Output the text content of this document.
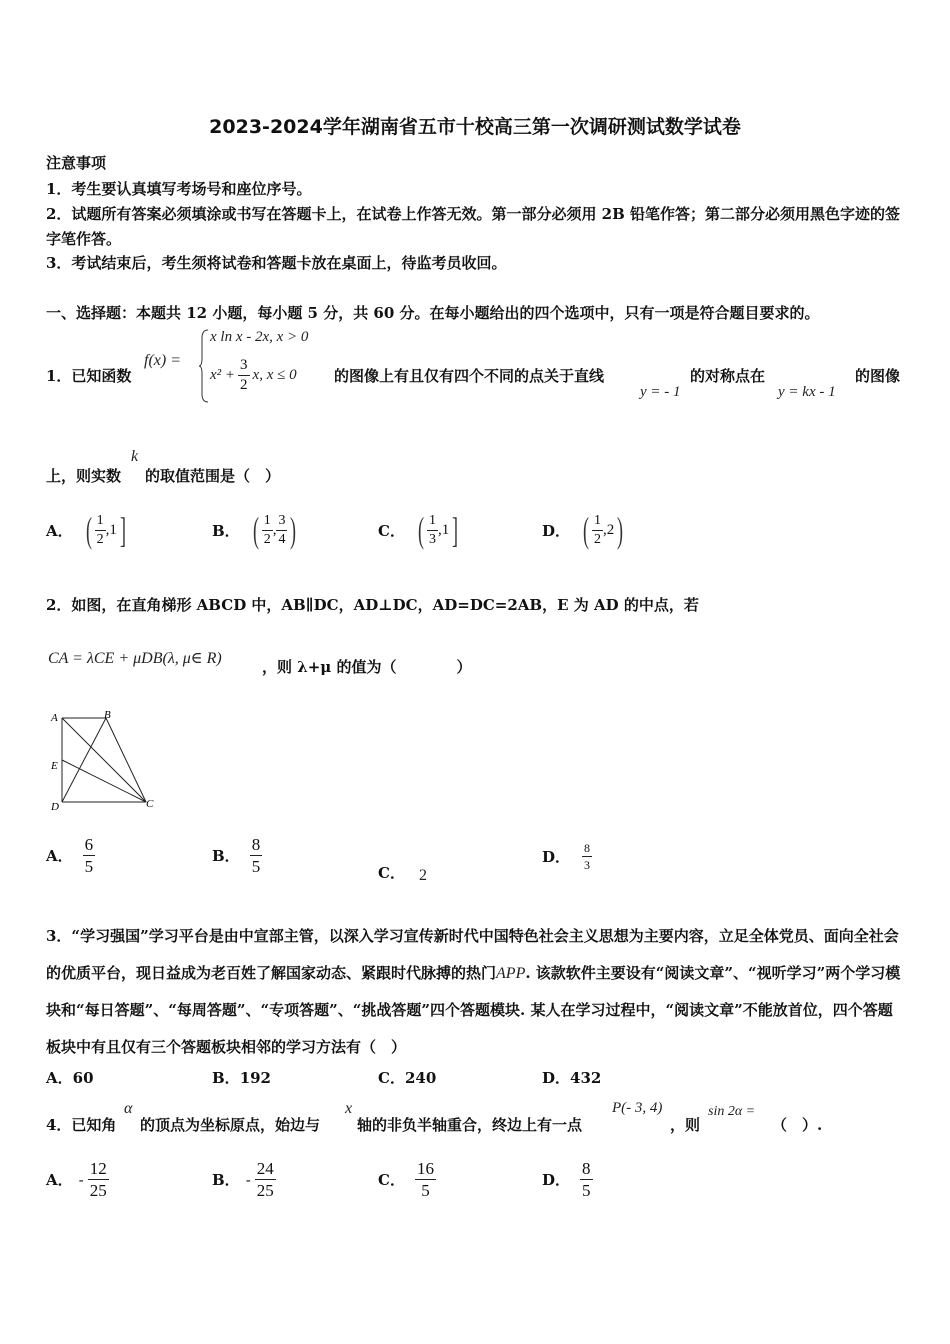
2023-2024学年湖南省五市十校高三第一次调研测试数学试卷
注意事项
1．考生要认真填写考场号和座位序号。
2．试题所有答案必须填涂或书写在答题卡上，在试卷上作答无效。第一部分必须用 2B 铅笔作答；第二部分必须用黑色字迹的签字笔作答。
3．考试结束后，考生须将试卷和答题卡放在桌面上，待监考员收回。
一、选择题：本题共 12 小题，每小题 5 分，共 60 分。在每小题给出的四个选项中，只有一项是符合题目要求的。
1．已知函数
f(x) =
x ln x - 2x, x > 0
$x^2 + \frac{3}{2} x$, x ≤ 0 的图像上有且仅有四个不同的点关于直线
y = - 1
的对称点在
y = kx - 1
的图像
上，则实数
k
的取值范围是（　）
A． ( $\frac{1}{2}$ , 1 ]	B． ( $\frac{1}{2}$ , $\frac{3}{4}$ )	C． ( $\frac{1}{3}$ , 1 ]	D． ( $\frac{1}{2}$ , 2 )
2．如图，在直角梯形 ABCD 中，AB∥DC，AD⊥DC，AD=DC=2AB，E 为 AD 的中点，若
CA = λCE + μDB(λ, μ∈ R)	，则 λ+μ 的值为（　　　　）
A	B
C
D
E
A． $\frac{6}{5}$	B． $\frac{8}{5}$	C． 2
D． $\frac{8}{3}$
3．“学习强国”学习平台是由中宣部主管，以深入学习宣传新时代中国特色社会主义思想为主要内容，立足全体党员、面向全社会的优质平台，现日益成为老百姓了解国家动态、紧跟时代脉搏的热门APP. 该款软件主要设有“阅读文章”、“视听学习”两个学习模块和“每日答题”、“每周答题”、“专项答题”、“挑战答题”四个答题模块. 某人在学习过程中，“阅读文章”不能放首位，四个答题板块中有且仅有三个答题板块相邻的学习方法有（　）
A．60	B．192	C．240	D．432
4．已知角
α
的顶点为坐标原点，始边与
x
轴的非负半轴重合，终边上有一点
P(- 3, 4)
，则
sin 2α =
（　）.
A． - $\frac{12}{25}$	B． - $\frac{24}{25}$	C． $\frac{16}{5}$	D． $\frac{8}{5}$
